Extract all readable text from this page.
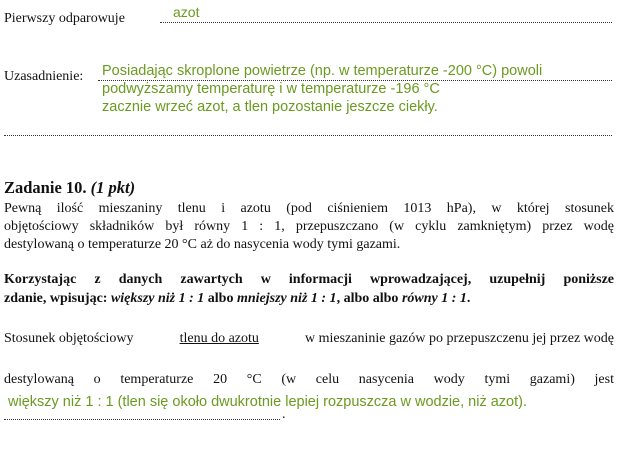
Pierwszy odparowuje	azot
Uzasadnienie: Posiadając skroplone powietrze (np. w temperaturze -200 °C) powoli
podwyższamy temperaturę i w temperaturze -196 °C
zacznie wrzeć azot, a tlen pozostanie jeszcze ciekły.
Zadanie 10. (1 pkt)
Pewną ilość mieszaniny tlenu i azotu (pod ciśnieniem 1013 hPa), w której stosunek
objętościowy składników był równy 1 : 1, przepuszczano (w cyklu zamkniętym) przez wodę
destylowaną o temperaturze 20 °C aż do nasycenia wody tymi gazami.
Korzystając z danych zawartych w informacji wprowadzającej, uzupełnij poniższe
zdanie, wpisując: większy niż 1 : 1 albo mniejszy niż 1 : 1, albo albo równy 1 : 1.
Stosunek objętościowy	tlenu do azotu	w mieszaninie gazów po przepuszczenu jej przez wodę
destylowaną o temperaturze 20 °C (w celu nasycenia wody tymi gazami) jest
większy niż 1 : 1 (tlen się około dwukrotnie lepiej rozpuszcza w wodzie, niż azot).
.
